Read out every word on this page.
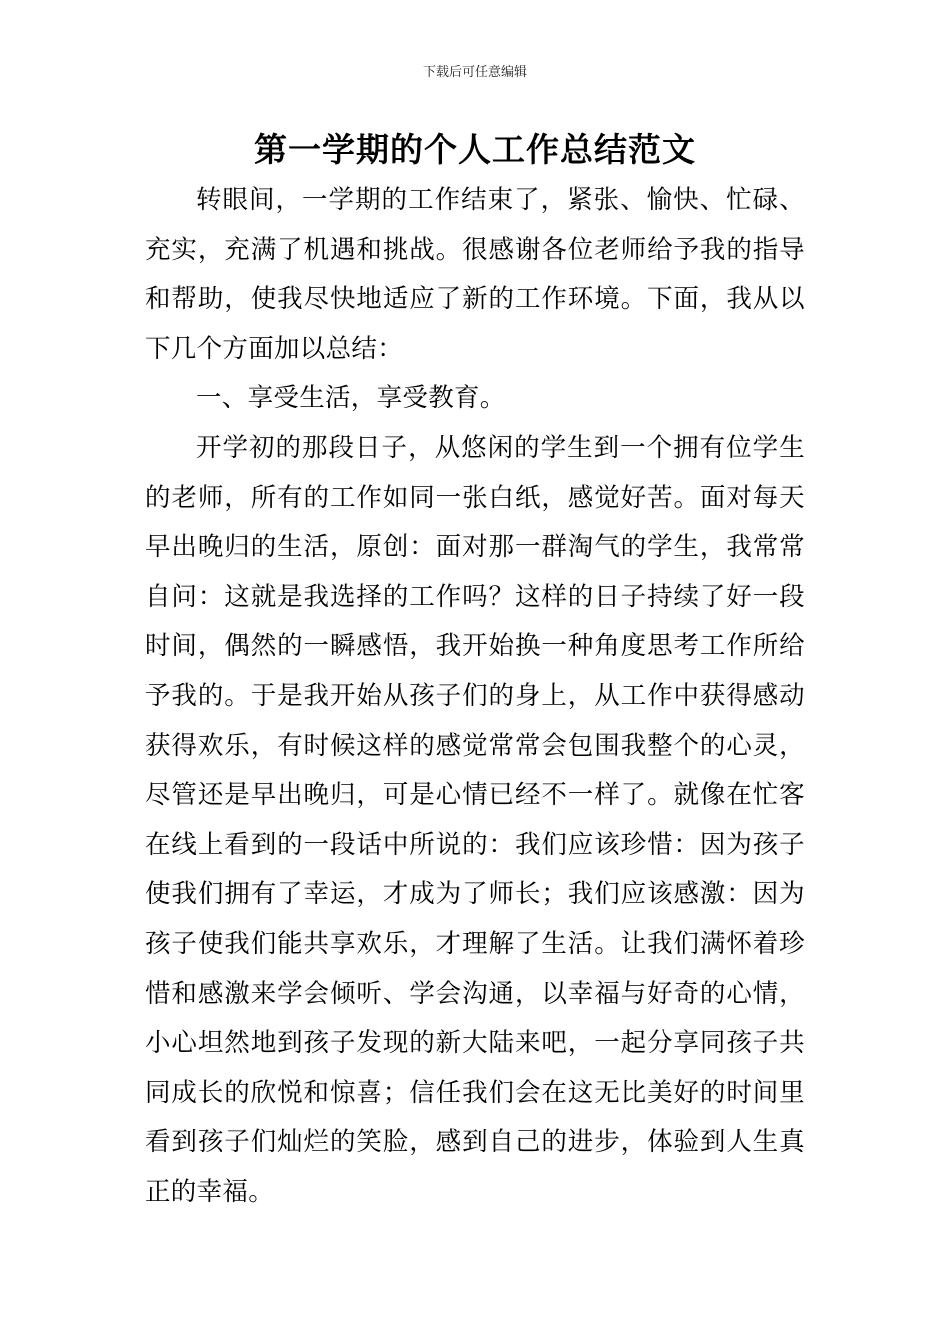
下载后可任意编辑
第一学期的个人工作总结范文

转眼间，一学期的工作结束了，紧张、愉快、忙碌、充实，充满了机遇和挑战。很感谢各位老师给予我的指导和帮助，使我尽快地适应了新的工作环境。下面，我从以下几个方面加以总结：

一、享受生活，享受教育。

开学初的那段日子，从悠闲的学生到一个拥有位学生的老师，所有的工作如同一张白纸，感觉好苦。面对每天早出晚归的生活，原创：面对那一群淘气的学生，我常常自问：这就是我选择的工作吗？这样的日子持续了好一段时间，偶然的一瞬感悟，我开始换一种角度思考工作所给予我的。于是我开始从孩子们的身上，从工作中获得感动获得欢乐，有时候这样的感觉常常会包围我整个的心灵，尽管还是早出晚归，可是心情已经不一样了。就像在忙客在线上看到的一段话中所说的：我们应该珍惜：因为孩子使我们拥有了幸运，才成为了师长；我们应该感激：因为孩子使我们能共享欢乐，才理解了生活。让我们满怀着珍惜和感激来学会倾听、学会沟通，以幸福与好奇的心情，小心坦然地到孩子发现的新大陆来吧，一起分享同孩子共同成长的欣悦和惊喜；信任我们会在这无比美好的时间里看到孩子们灿烂的笑脸，感到自己的进步，体验到人生真正的幸福。
